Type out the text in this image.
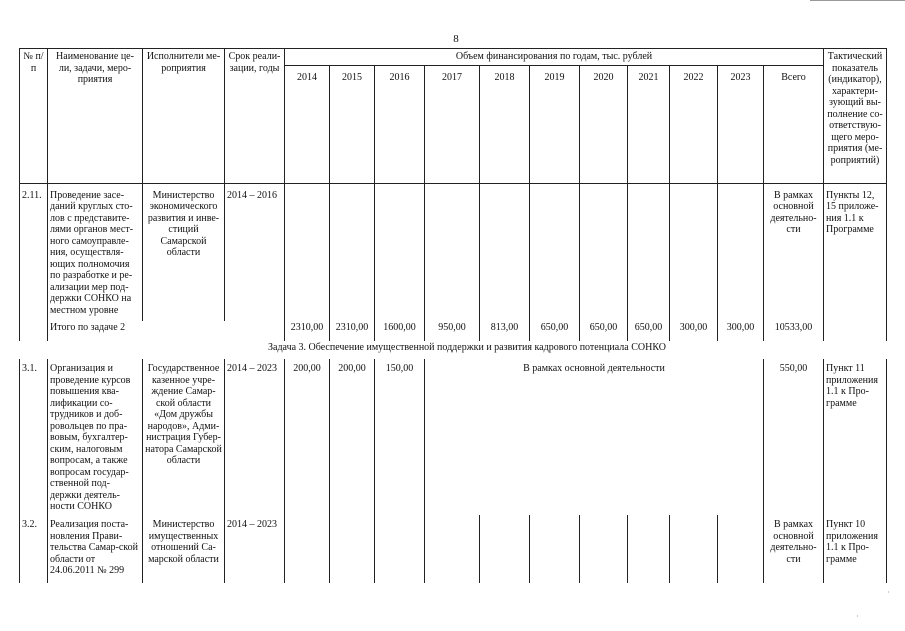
8
№ п/п	Наименование це-ли, задачи, меро-приятия	Исполнители ме-роприятия	Срок реали-зации, годы	Объем финансирования по годам, тыс. рублей											Тактический показатель (индикатор), характери-зующий вы-полнение со-ответствую-щего меро-приятия (ме-роприятий)
				2014	2015	2016	2017	2018	2019	2020	2021	2022	2023	Всего	
2.11.	Проведение засе-даний круглых сто-лов с представите-лями органов мест-ного самоуправле-ния, осуществля-ющих полномочия по разработке и ре-ализации мер под-держки СОНКО на местном уровне	Министерство экономического развития и инве-стиций Самарской области	2014 – 2016											В рамках основной деятельно-сти	Пункты 12, 15 приложе-ния 1.1 к Программе
	Итого по задаче 2			2310,00	2310,00	1600,00	950,00	813,00	650,00	650,00	650,00	300,00	300,00	10533,00	
	Задача 3. Обеспечение имущественной поддержки и развития кадрового потенциала СОНКО														
3.1.	Организация и проведение курсов повышения ква-лификации со-трудников и доб-ровольцев по пра-вовым, бухгалтер-ским, налоговым вопросам, а также вопросам государ-ственной под-держки деятель-ности СОНКО	Государственное казенное учре-ждение Самар-ской области «Дом дружбы народов», Адми-нистрация Губер-натора Самарской области	2014 – 2023	200,00	200,00	150,00	В рамках основной деятельности							550,00	Пункт 11 приложения 1.1 к Про-грамме
3.2.	Реализация поста-новления Прави-тельства Самар-ской области от 24.06.2011 № 299	Министерство имущественных отношений Са-марской области	2014 – 2023											В рамках основной деятельно-сти	Пункт 10 приложения 1.1 к Про-грамме
·
·
